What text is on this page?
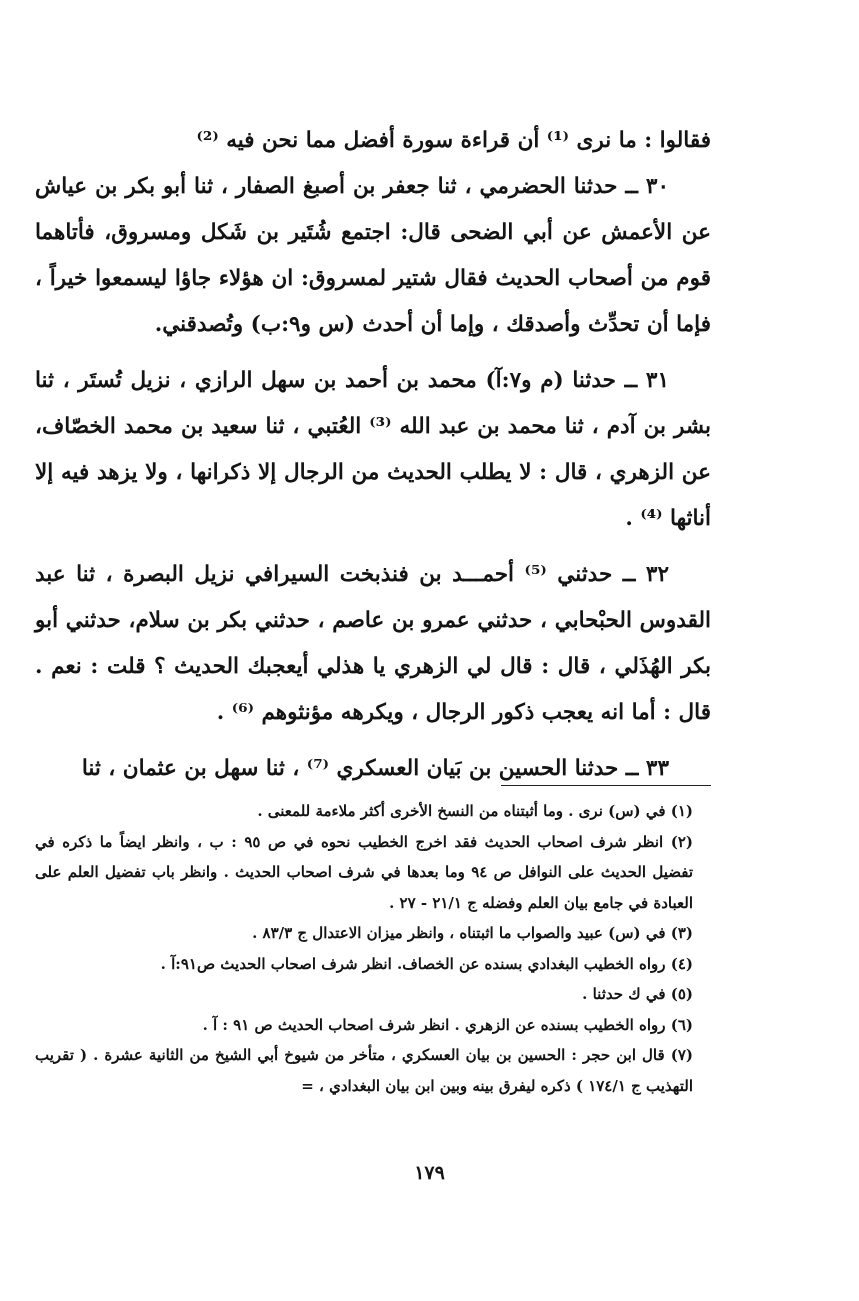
فقالوا : ما نرى ⁽¹⁾ أن قراءة سورة أفضل مما نحن فيه ⁽²⁾

٣٠ ــ حدثنا الحضرمي ، ثنا جعفر بن أصبغ الصفار ، ثنا أبو بكر بن عياش عن الأعمش عن أبي الضحى قال: اجتمع شُتَير بن شَكل ومسروق، فأتاهما قوم من أصحاب الحديث فقال شتير لمسروق: ان هؤلاء جاؤا ليسمعوا خيراً ، فإما أن تحدِّث وأصدقك ، وإما أن أحدث (س و٩:ب) وتُصدقني.

٣١ ــ حدثنا (م و٧:آ) محمد بن أحمد بن سهل الرازي ، نزيل تُستَر ، ثنا بشر بن آدم ، ثنا محمد بن عبد الله ⁽³⁾ العُتبي ، ثنا سعيد بن محمد الخصّاف، عن الزهري ، قال : لا يطلب الحديث من الرجال إلا ذكرانها ، ولا يزهد فيه إلا أناثها ⁽⁴⁾ .

٣٢ ــ حدثني ⁽⁵⁾ أحمـــد بن فنذبخت السيرافي نزيل البصرة ، ثنا عبد القدوس الحبْحابي ، حدثني عمرو بن عاصم ، حدثني بكر بن سلام، حدثني أبو بكر الهُذَلي ، قال : قال لي الزهري يا هذلي أيعجبك الحديث ؟ قلت : نعم . قال : أما انه يعجب ذكور الرجال ، ويكرهه مؤنثوهم ⁽⁶⁾ .

٣٣ ــ حدثنا الحسين بن بَيان العسكري ⁽⁷⁾ ، ثنا سهل بن عثمان ، ثنا

(١) في (س) نرى . وما أثبتناه من النسخ الأخرى أكثر ملاءمة للمعنى .

(٢) انظر شرف اصحاب الحديث فقد اخرج الخطيب نحوه في ص ٩٥ : ب ، وانظر ايضاً ما ذكره في تفضيل الحديث على النوافل ص ٩٤ وما بعدها في شرف اصحاب الحديث . وانظر باب تفضيل العلم على العبادة في جامع بيان العلم وفضله ج ٢١/١ - ٢٧ .

(٣) في (س) عبيد والصواب ما اثبتناه ، وانظر ميزان الاعتدال ج ٨٣/٣ .

(٤) رواه الخطيب البغدادي بسنده عن الخصاف. انظر شرف اصحاب الحديث ص٩١:آ .

(٥) في ك حدثنا .

(٦) رواه الخطيب بسنده عن الزهري . انظر شرف اصحاب الحديث ص ٩١ : آ .

(٧) قال ابن حجر : الحسين بن بيان العسكري ، متأخر من شيوخ أبي الشيخ من الثانية عشرة . ( تقريب التهذيب ج ١٧٤/١ ) ذكره ليفرق بينه وبين ابن بيان البغدادي ، =

١٧٩
